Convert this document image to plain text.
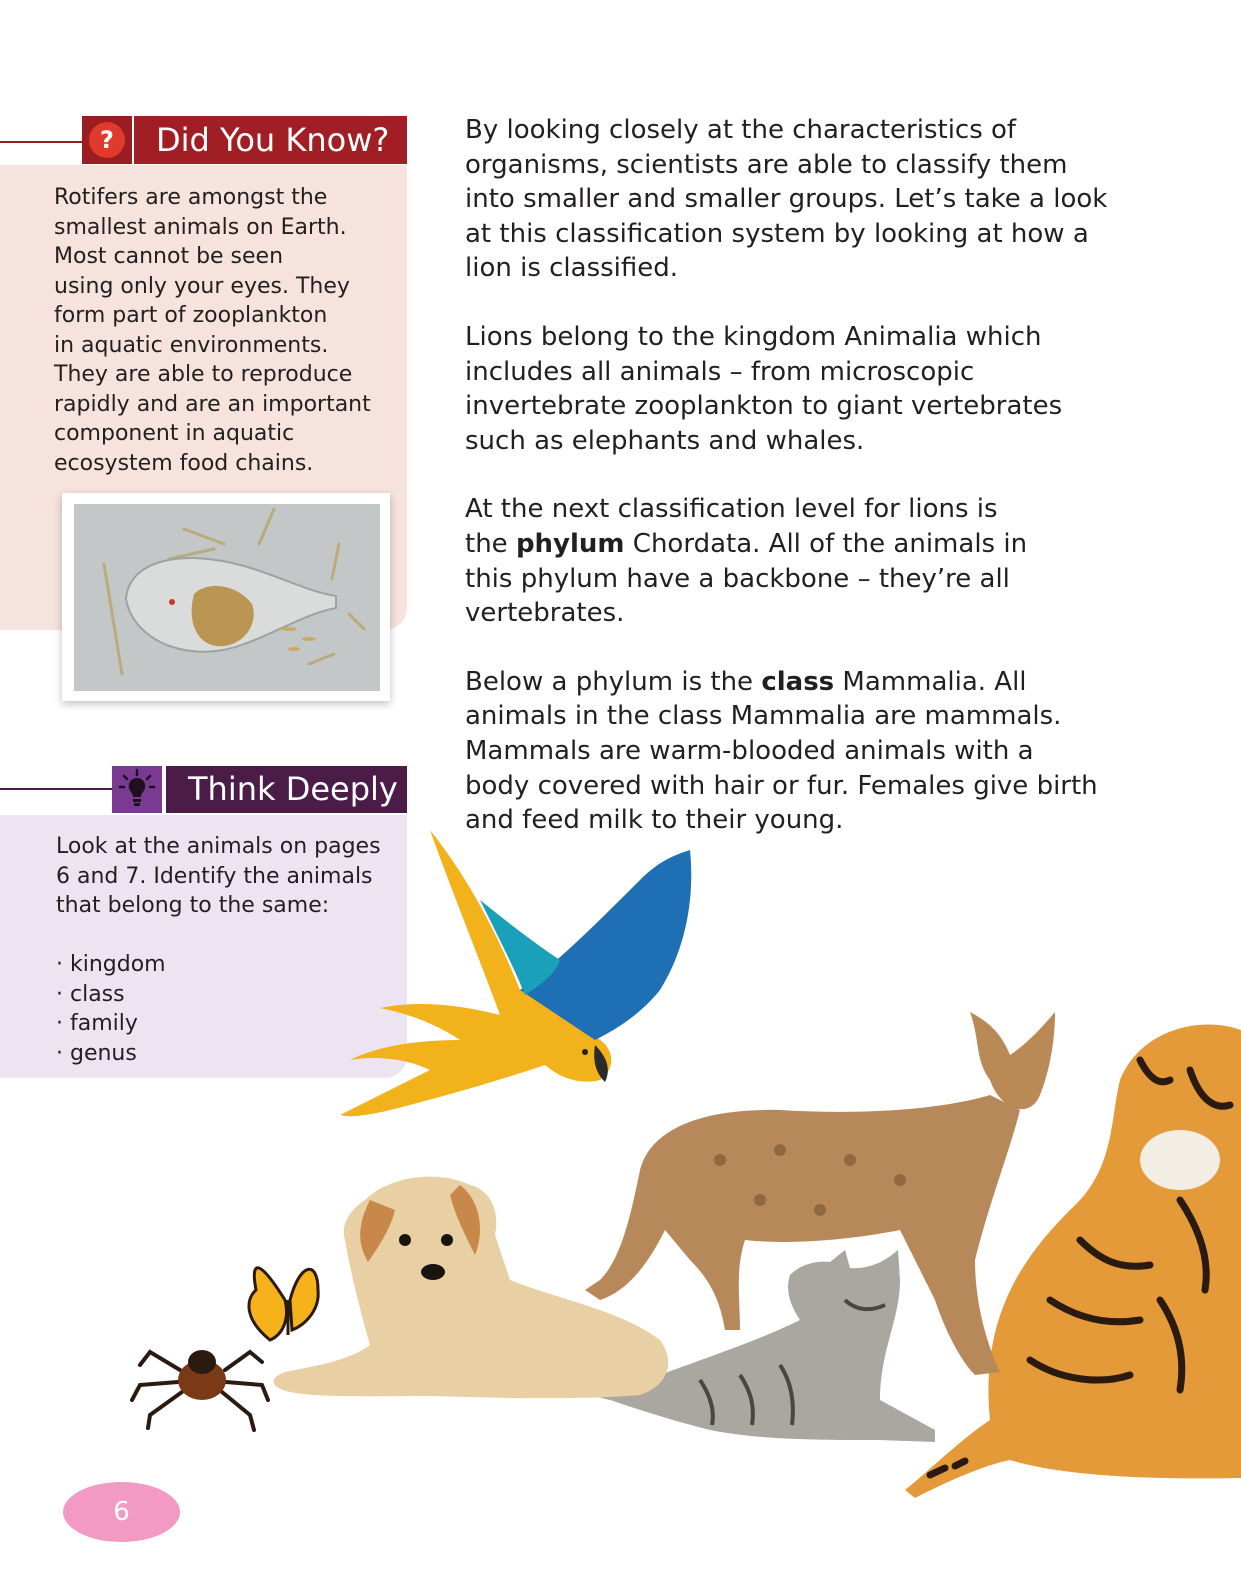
?	Did You Know?
Rotifers are amongst the
smallest animals on Earth.
Most cannot be seen
using only your eyes. They
form part of zooplankton
in aquatic environments.
They are able to reproduce
rapidly and are an important
component in aquatic
ecosystem food chains.
Think Deeply
Look at the animals on pages
6 and 7. Identify the animals
that belong to the same:
· kingdom
· class
· family
· genus

By looking closely at the characteristics of
organisms, scientists are able to classify them
into smaller and smaller groups. Let’s take a look
at this classification system by looking at how a
lion is classified.

Lions belong to the kingdom Animalia which
includes all animals – from microscopic
invertebrate zooplankton to giant vertebrates
such as elephants and whales.

At the next classification level for lions is
the phylum Chordata. All of the animals in
this phylum have a backbone – they’re all
vertebrates.

Below a phylum is the class Mammalia. All
animals in the class Mammalia are mammals.
Mammals are warm-blooded animals with a
body covered with hair or fur. Females give birth
and feed milk to their young.

6
